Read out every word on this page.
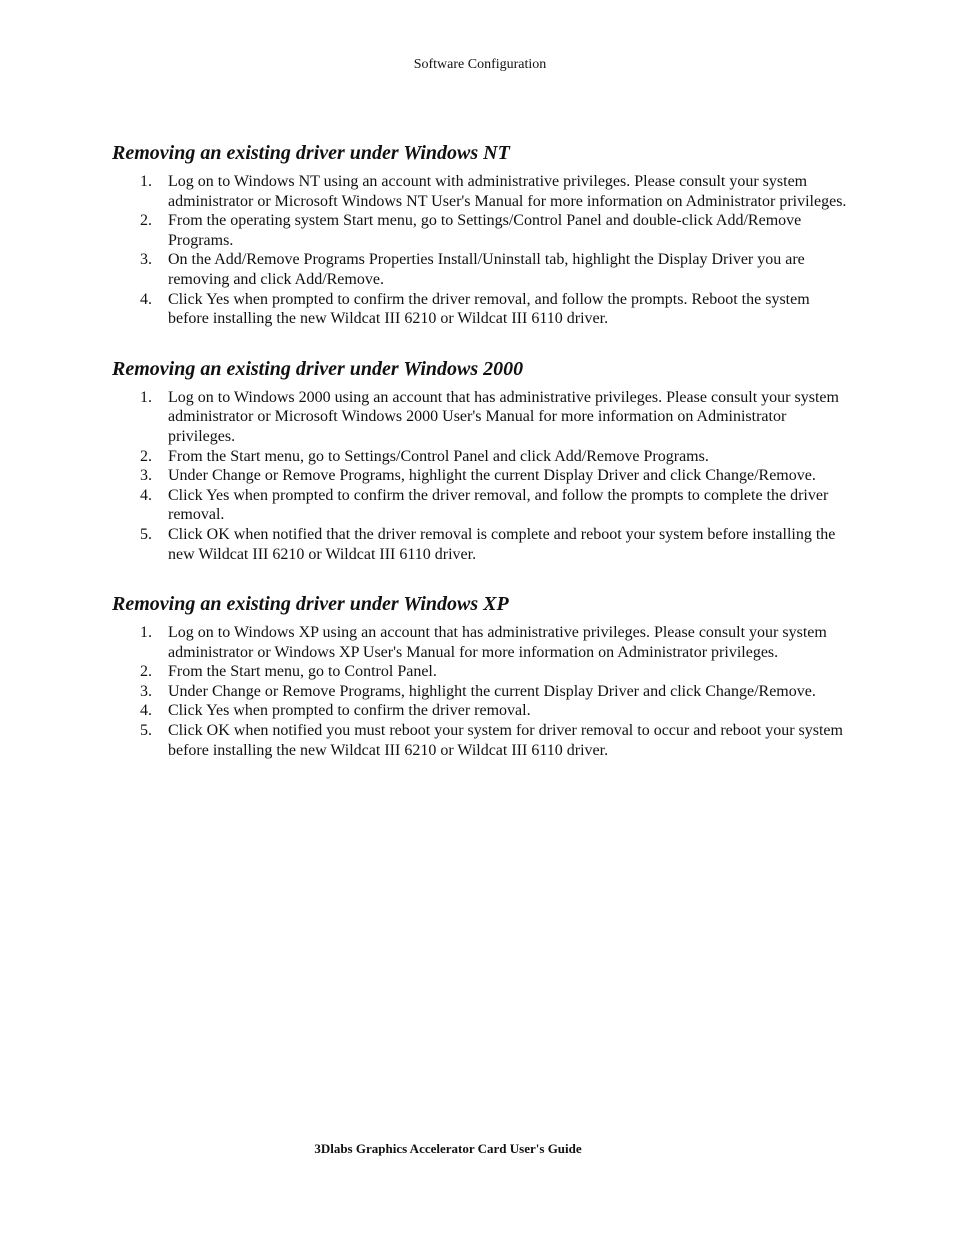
Software Configuration
Removing an existing driver under Windows NT
1. Log on to Windows NT using an account with administrative privileges. Please consult your system administrator or Microsoft Windows NT User's Manual for more information on Administrator privileges.
2. From the operating system Start menu, go to Settings/Control Panel and double-click Add/Remove Programs.
3. On the Add/Remove Programs Properties Install/Uninstall tab, highlight the Display Driver you are removing and click Add/Remove.
4. Click Yes when prompted to confirm the driver removal, and follow the prompts. Reboot the system before installing the new Wildcat III 6210 or Wildcat III 6110 driver.
Removing an existing driver under Windows 2000
1. Log on to Windows 2000 using an account that has administrative privileges. Please consult your system administrator or Microsoft Windows 2000 User's Manual for more information on Administrator privileges.
2. From the Start menu, go to Settings/Control Panel and click Add/Remove Programs.
3. Under Change or Remove Programs, highlight the current Display Driver and click Change/Remove.
4. Click Yes when prompted to confirm the driver removal, and follow the prompts to complete the driver removal.
5. Click OK when notified that the driver removal is complete and reboot your system before installing the new Wildcat III 6210 or Wildcat III 6110 driver.
Removing an existing driver under Windows XP
1. Log on to Windows XP using an account that has administrative privileges. Please consult your system administrator or Windows XP User's Manual for more information on Administrator privileges.
2. From the Start menu, go to Control Panel.
3. Under Change or Remove Programs, highlight the current Display Driver and click Change/Remove.
4. Click Yes when prompted to confirm the driver removal.
5. Click OK when notified you must reboot your system for driver removal to occur and reboot your system before installing the new Wildcat III 6210 or Wildcat III 6110 driver.
3Dlabs Graphics Accelerator Card User's Guide
